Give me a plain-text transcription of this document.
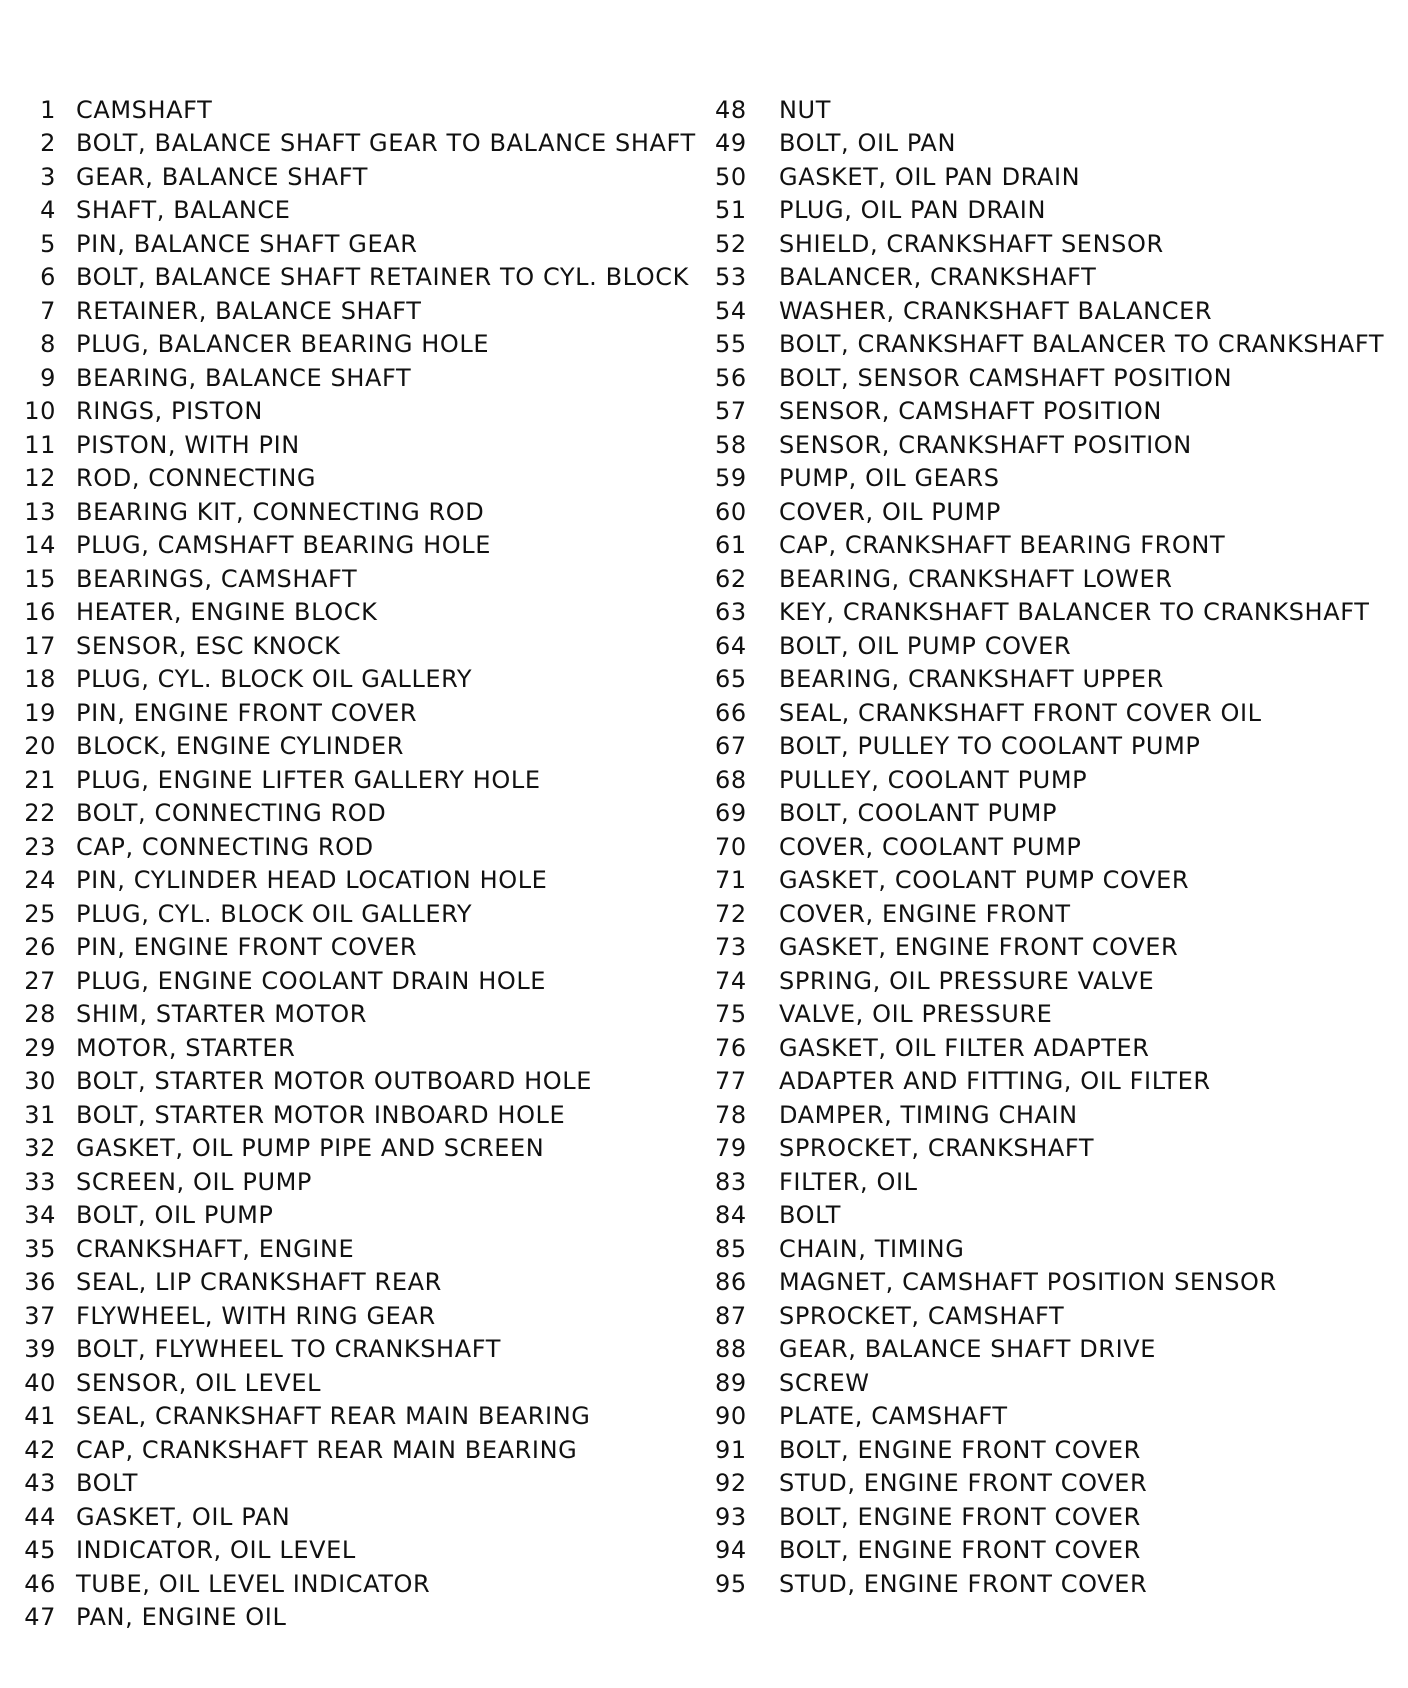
1 CAMSHAFT
2 BOLT, BALANCE SHAFT GEAR TO BALANCE SHAFT
3 GEAR, BALANCE SHAFT
4 SHAFT, BALANCE
5 PIN, BALANCE SHAFT GEAR
6 BOLT, BALANCE SHAFT RETAINER TO CYL. BLOCK
7 RETAINER, BALANCE SHAFT
8 PLUG, BALANCER BEARING HOLE
9 BEARING, BALANCE SHAFT
10 RINGS, PISTON
11 PISTON, WITH PIN
12 ROD, CONNECTING
13 BEARING KIT, CONNECTING ROD
14 PLUG, CAMSHAFT BEARING HOLE
15 BEARINGS, CAMSHAFT
16 HEATER, ENGINE BLOCK
17 SENSOR, ESC KNOCK
18 PLUG, CYL. BLOCK OIL GALLERY
19 PIN, ENGINE FRONT COVER
20 BLOCK, ENGINE CYLINDER
21 PLUG, ENGINE LIFTER GALLERY HOLE
22 BOLT, CONNECTING ROD
23 CAP, CONNECTING ROD
24 PIN, CYLINDER HEAD LOCATION HOLE
25 PLUG, CYL. BLOCK OIL GALLERY
26 PIN, ENGINE FRONT COVER
27 PLUG, ENGINE COOLANT DRAIN HOLE
28 SHIM, STARTER MOTOR
29 MOTOR, STARTER
30 BOLT, STARTER MOTOR OUTBOARD HOLE
31 BOLT, STARTER MOTOR INBOARD HOLE
32 GASKET, OIL PUMP PIPE AND SCREEN
33 SCREEN, OIL PUMP
34 BOLT, OIL PUMP
35 CRANKSHAFT, ENGINE
36 SEAL, LIP CRANKSHAFT REAR
37 FLYWHEEL, WITH RING GEAR
39 BOLT, FLYWHEEL TO CRANKSHAFT
40 SENSOR, OIL LEVEL
41 SEAL, CRANKSHAFT REAR MAIN BEARING
42 CAP, CRANKSHAFT REAR MAIN BEARING
43 BOLT
44 GASKET, OIL PAN
45 INDICATOR, OIL LEVEL
46 TUBE, OIL LEVEL INDICATOR
47 PAN, ENGINE OIL
48	NUT
49	BOLT, OIL PAN
50	GASKET, OIL PAN DRAIN
51	PLUG, OIL PAN DRAIN
52	SHIELD, CRANKSHAFT SENSOR
53	BALANCER, CRANKSHAFT
54	WASHER, CRANKSHAFT BALANCER
55	BOLT, CRANKSHAFT BALANCER TO CRANKSHAFT
56	BOLT, SENSOR CAMSHAFT POSITION
57	SENSOR, CAMSHAFT POSITION
58	SENSOR, CRANKSHAFT POSITION
59	PUMP, OIL GEARS
60	COVER, OIL PUMP
61	CAP, CRANKSHAFT BEARING FRONT
62	BEARING, CRANKSHAFT LOWER
63	KEY, CRANKSHAFT BALANCER TO CRANKSHAFT
64	BOLT, OIL PUMP COVER
65	BEARING, CRANKSHAFT UPPER
66	SEAL, CRANKSHAFT FRONT COVER OIL
67	BOLT, PULLEY TO COOLANT PUMP
68	PULLEY, COOLANT PUMP
69	BOLT, COOLANT PUMP
70	COVER, COOLANT PUMP
71	GASKET, COOLANT PUMP COVER
72	COVER, ENGINE FRONT
73	GASKET, ENGINE FRONT COVER
74	SPRING, OIL PRESSURE VALVE
75	VALVE, OIL PRESSURE
76	GASKET, OIL FILTER ADAPTER
77	ADAPTER AND FITTING, OIL FILTER
78	DAMPER, TIMING CHAIN
79	SPROCKET, CRANKSHAFT
83	FILTER, OIL
84	BOLT
85	CHAIN, TIMING
86	MAGNET, CAMSHAFT POSITION SENSOR
87	SPROCKET, CAMSHAFT
88	GEAR, BALANCE SHAFT DRIVE
89	SCREW
90	PLATE, CAMSHAFT
91	BOLT, ENGINE FRONT COVER
92	STUD, ENGINE FRONT COVER
93	BOLT, ENGINE FRONT COVER
94	BOLT, ENGINE FRONT COVER
95	STUD, ENGINE FRONT COVER
